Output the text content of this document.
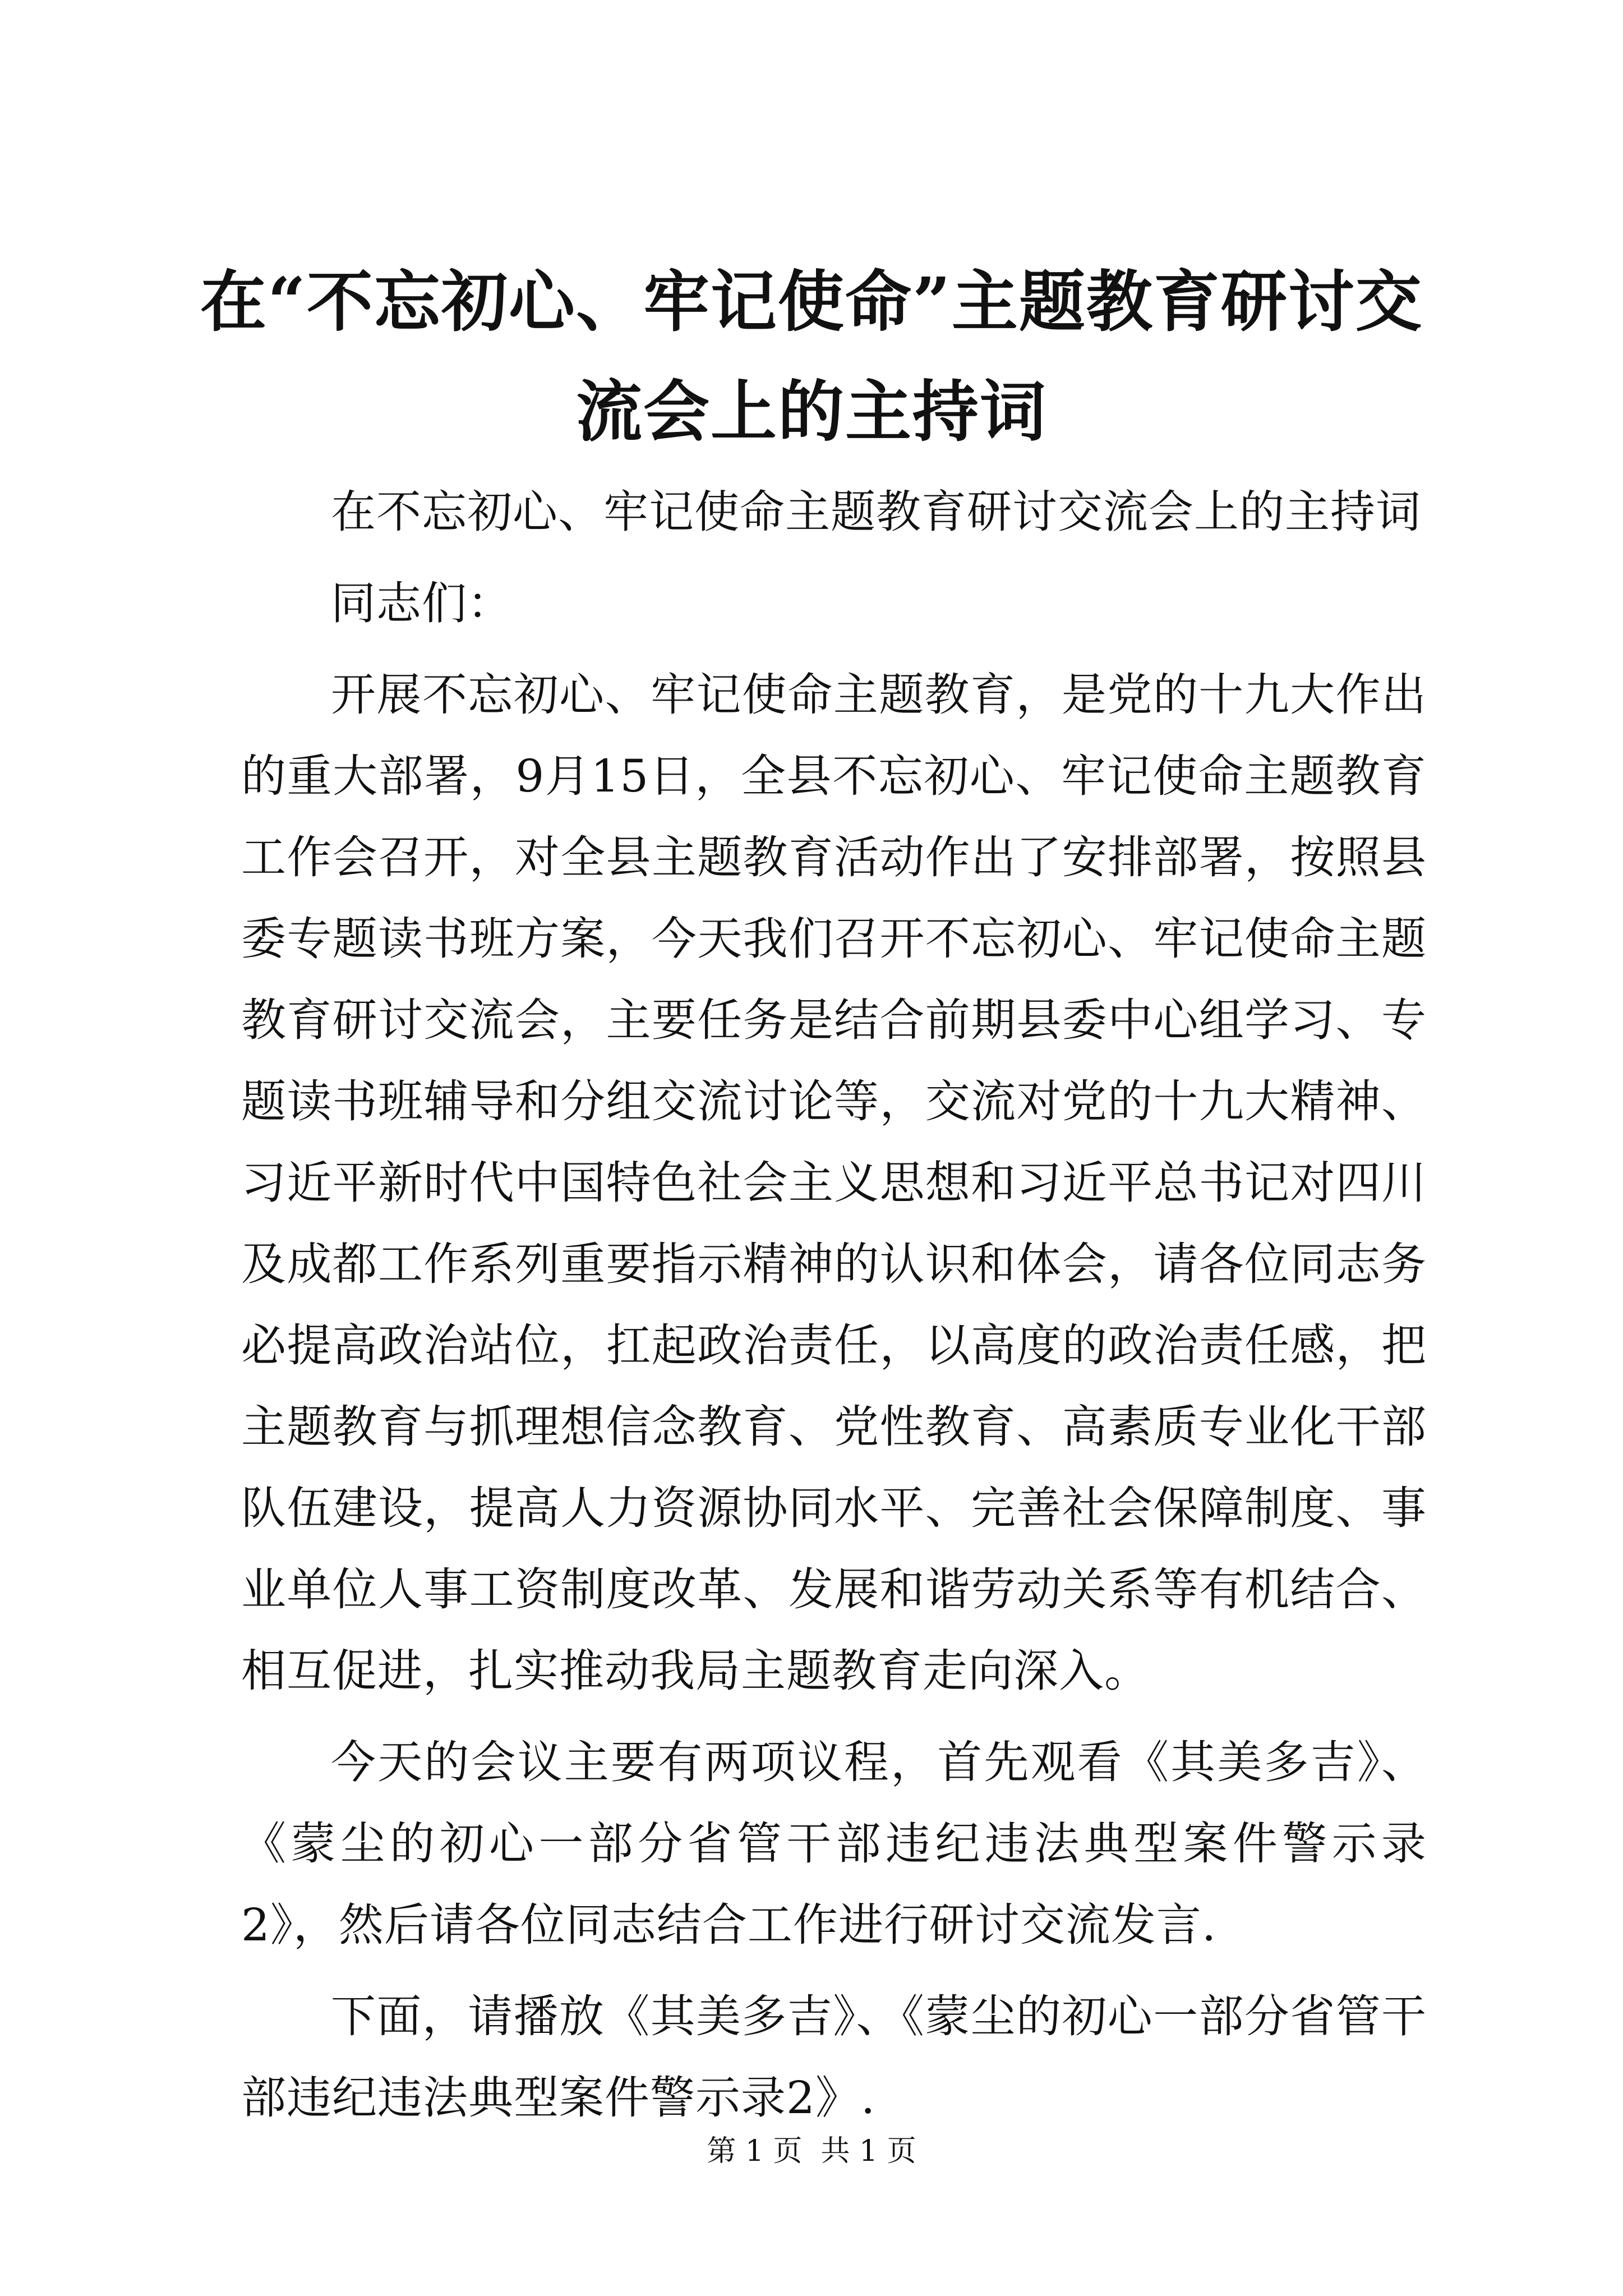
在“不忘初心、牢记使命”主题教育研讨交流会上的主持词

在不忘初心、牢记使命主题教育研讨交流会上的主持词

同志们：

开展不忘初心、牢记使命主题教育，是党的十九大作出的重大部署，9月15日，全县不忘初心、牢记使命主题教育工作会召开，对全县主题教育活动作出了安排部署，按照县委专题读书班方案，今天我们召开不忘初心、牢记使命主题教育研讨交流会，主要任务是结合前期县委中心组学习、专题读书班辅导和分组交流讨论等，交流对党的十九大精神、习近平新时代中国特色社会主义思想和习近平总书记对四川及成都工作系列重要指示精神的认识和体会，请各位同志务必提高政治站位，扛起政治责任，以高度的政治责任感，把主题教育与抓理想信念教育、党性教育、高素质专业化干部队伍建设，提高人力资源协同水平、完善社会保障制度、事业单位人事工资制度改革、发展和谐劳动关系等有机结合、相互促进，扎实推动我局主题教育走向深入。

今天的会议主要有两项议程，首先观看《其美多吉》、《蒙尘的初心一部分省管干部违纪违法典型案件警示录2》，然后请各位同志结合工作进行研讨交流发言.

下面，请播放《其美多吉》、《蒙尘的初心一部分省管干部违纪违法典型案件警示录2》.

第 1 页  共 1 页
